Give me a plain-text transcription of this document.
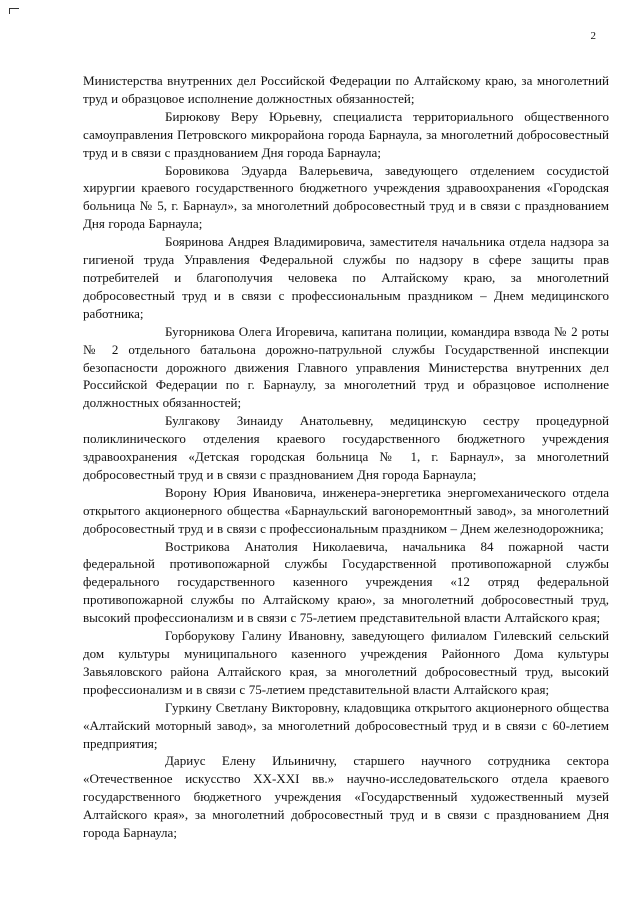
2

Министерства внутренних дел Российской Федерации по Алтайскому краю, за многолетний труд и образцовое исполнение должностных обязанностей;

Бирюкову Веру Юрьевну, специалиста территориального общественного самоуправления Петровского микрорайона города Барнаула, за многолетний добросовестный труд и в связи с празднованием Дня города Барнаула;

Боровикова Эдуарда Валерьевича, заведующего отделением сосудистой хирургии краевого государственного бюджетного учреждения здравоохранения «Городская больница № 5, г. Барнаул», за многолетний добросовестный труд и в связи с празднованием Дня города Барнаула;

Бояринова Андрея Владимировича, заместителя начальника отдела надзора за гигиеной труда Управления Федеральной службы по надзору в сфере защиты прав потребителей и благополучия человека по Алтайскому краю, за многолетний добросовестный труд и в связи с профессиональным праздником – Днем медицинского работника;

Бугорникова Олега Игоревича, капитана полиции, командира взвода № 2 роты № 2 отдельного батальона дорожно-патрульной службы Государственной инспекции безопасности дорожного движения Главного управления Министерства внутренних дел Российской Федерации по г. Барнаулу, за многолетний труд и образцовое исполнение должностных обязанностей;

Булгакову Зинаиду Анатольевну, медицинскую сестру процедурной поликлинического отделения краевого государственного бюджетного учреждения здравоохранения «Детская городская больница № 1, г. Барнаул», за многолетний добросовестный труд и в связи с празднованием Дня города Барнаула;

Ворону Юрия Ивановича, инженера-энергетика энергомеханического отдела открытого акционерного общества «Барнаульский вагоноремонтный завод», за многолетний добросовестный труд и в связи с профессиональным праздником – Днем железнодорожника;

Вострикова Анатолия Николаевича, начальника 84 пожарной части федеральной противопожарной службы Государственной противопожарной службы федерального государственного казенного учреждения «12 отряд федеральной противопожарной службы по Алтайскому краю», за многолетний добросовестный труд, высокий профессионализм и в связи с 75-летием представительной власти Алтайского края;

Горборукову Галину Ивановну, заведующего филиалом Гилевский сельский дом культуры муниципального казенного учреждения Районного Дома культуры Завьяловского района Алтайского края, за многолетний добросовестный труд, высокий профессионализм и в связи с 75-летием представительной власти Алтайского края;

Гуркину Светлану Викторовну, кладовщика открытого акционерного общества «Алтайский моторный завод», за многолетний добросовестный труд и в связи с 60-летием предприятия;

Дариус Елену Ильиничну, старшего научного сотрудника сектора «Отечественное искусство XX-XXI вв.» научно-исследовательского отдела краевого государственного бюджетного учреждения «Государственный художественный музей Алтайского края», за многолетний добросовестный труд и в связи с празднованием Дня города Барнаула;
